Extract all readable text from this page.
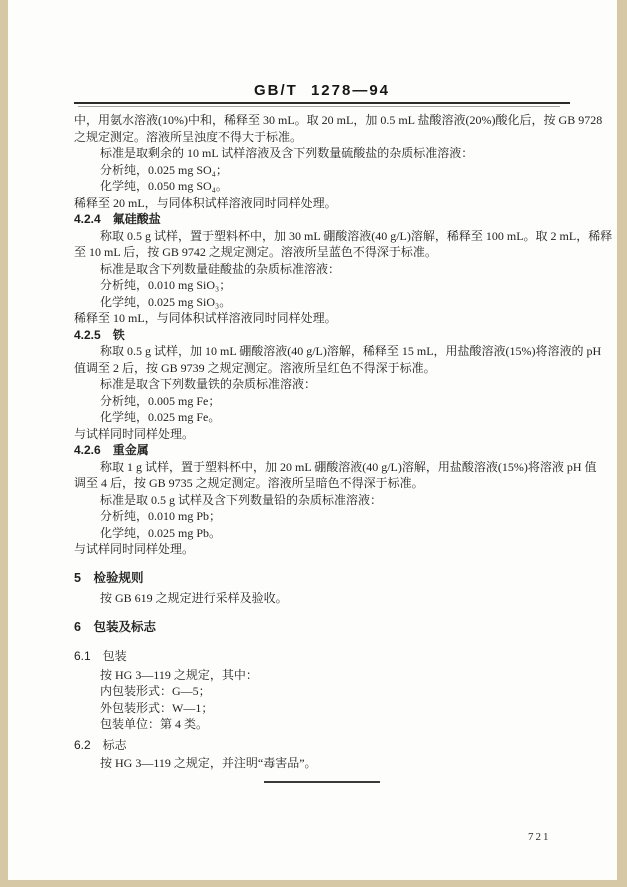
GB/T 1278—94
中，用氨水溶液(10%)中和，稀释至 30 mL。取 20 mL，加 0.5 mL 盐酸溶液(20%)酸化后，按 GB 9728
之规定测定。溶液所呈浊度不得大于标准。
标准是取剩余的 10 mL 试样溶液及含下列数量硫酸盐的杂质标准溶液：
分析纯，0.025 mg SO₄；
化学纯，0.050 mg SO₄。
稀释至 20 mL，与同体积试样溶液同时同样处理。
4.2.4　氟硅酸盐
称取 0.5 g 试样，置于塑料杯中，加 30 mL 硼酸溶液(40 g/L)溶解，稀释至 100 mL。取 2 mL，稀释
至 10 mL 后，按 GB 9742 之规定测定。溶液所呈蓝色不得深于标准。
标准是取含下列数量硅酸盐的杂质标准溶液：
分析纯，0.010 mg SiO₃；
化学纯，0.025 mg SiO₃。
稀释至 10 mL，与同体积试样溶液同时同样处理。
4.2.5　铁
称取 0.5 g 试样，加 10 mL 硼酸溶液(40 g/L)溶解，稀释至 15 mL，用盐酸溶液(15%)将溶液的 pH
值调至 2 后，按 GB 9739 之规定测定。溶液所呈红色不得深于标准。
标准是取含下列数量铁的杂质标准溶液：
分析纯，0.005 mg Fe；
化学纯，0.025 mg Fe。
与试样同时同样处理。
4.2.6　重金属
称取 1 g 试样，置于塑料杯中，加 20 mL 硼酸溶液(40 g/L)溶解，用盐酸溶液(15%)将溶液 pH 值
调至 4 后，按 GB 9735 之规定测定。溶液所呈暗色不得深于标准。
标准是取 0.5 g 试样及含下列数量铅的杂质标准溶液：
分析纯，0.010 mg Pb；
化学纯，0.025 mg Pb。
与试样同时同样处理。
5　检验规则
按 GB 619 之规定进行采样及验收。
6　包装及标志
6.1　包装
按 HG 3—119 之规定，其中：
内包装形式：G—5；
外包装形式：W—1；
包装单位：第 4 类。
6.2　标志
按 HG 3—119 之规定，并注明“毒害品”。
721
